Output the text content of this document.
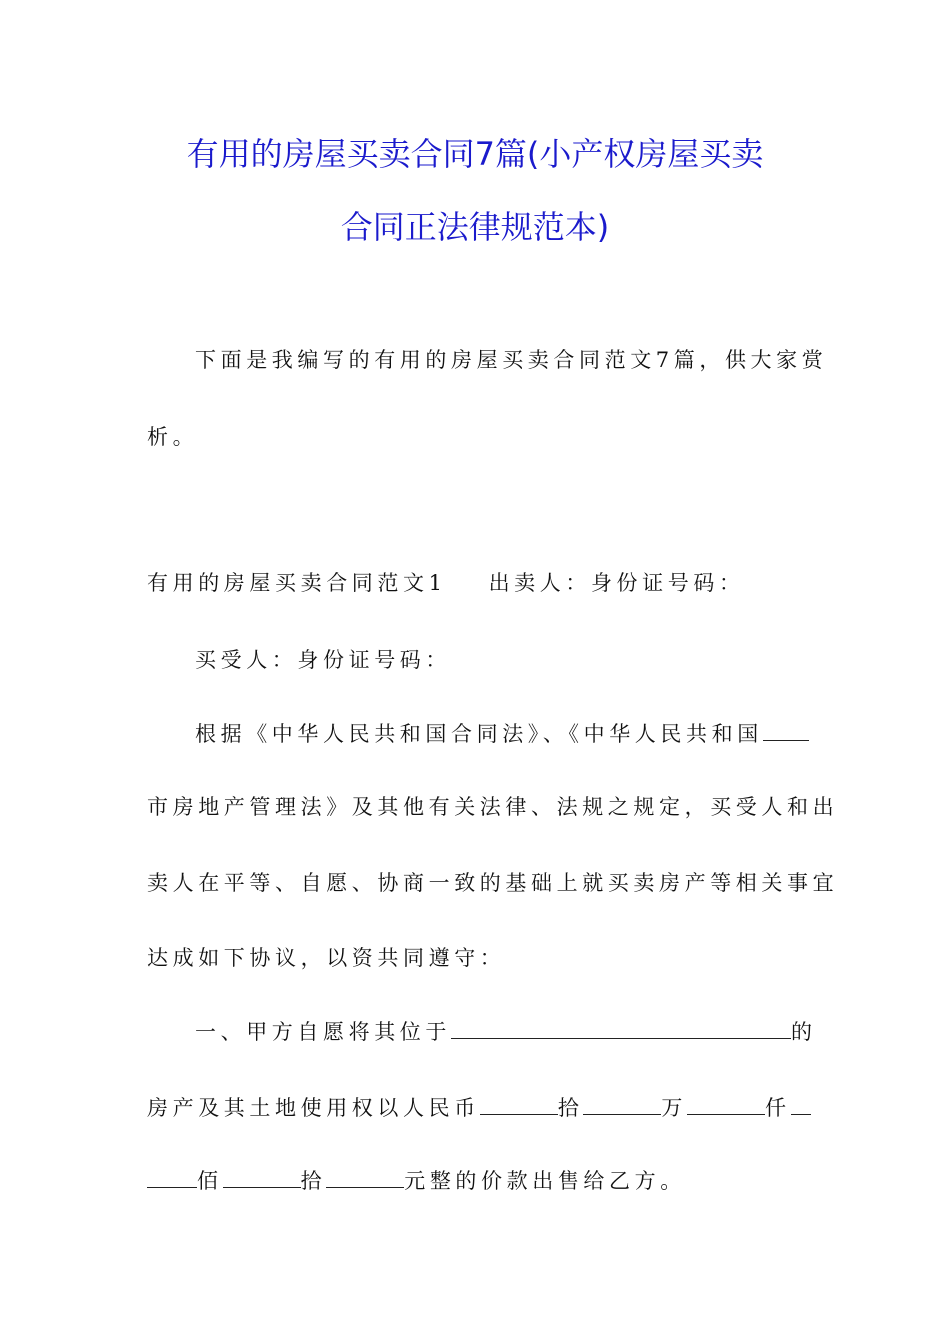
有用的房屋买卖合同7篇(小产权房屋买卖
合同正法律规范本)
下面是我编写的有用的房屋买卖合同范文7篇，供大家赏
析。
有用的房屋买卖合同范文1 出卖人：身份证号码：
买受人：身份证号码：
根据《中华人民共和国合同法》、《中华人民共和国
市房地产管理法》及其他有关法律、法规之规定，买受人和出
卖人在平等、自愿、协商一致的基础上就买卖房产等相关事宜
达成如下协议，以资共同遵守：
一、甲方自愿将其位于	的
房产及其土地使用权以人民币	拾	万	仟
佰	拾	元整的价款出售给乙方。
